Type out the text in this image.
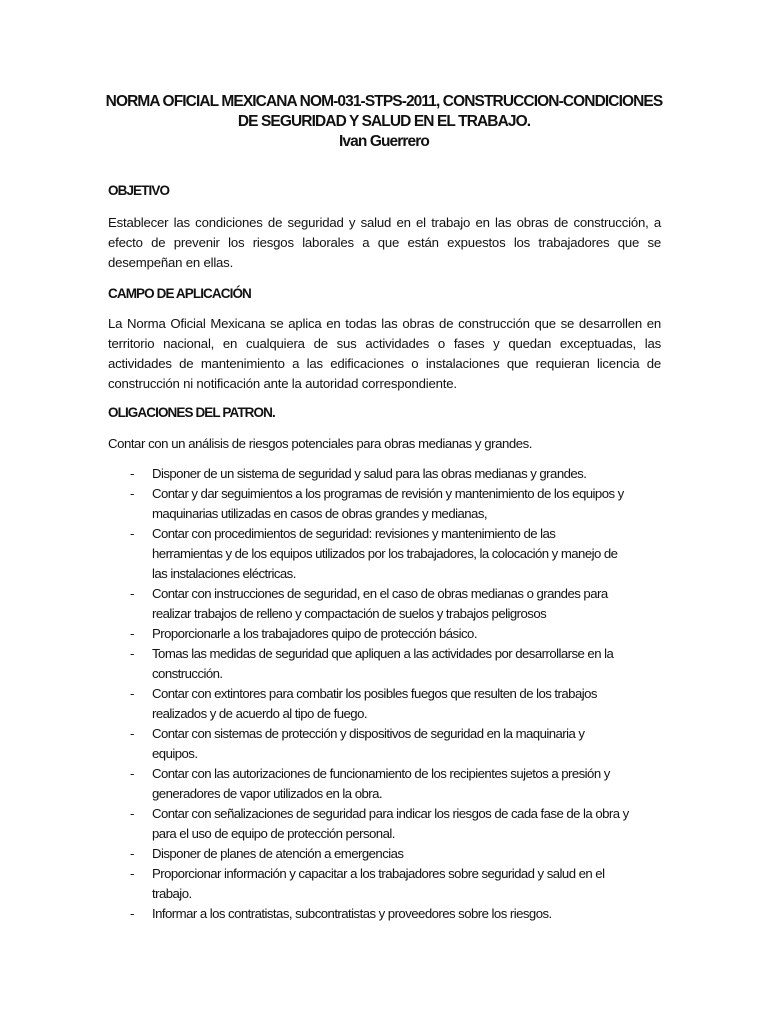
NORMA OFICIAL MEXICANA NOM-031-STPS-2011, CONSTRUCCION-CONDICIONES
DE SEGURIDAD Y SALUD EN EL TRABAJO.
Ivan Guerrero
OBJETIVO
Establecer las condiciones de seguridad y salud en el trabajo en las obras de construcción, a efecto de prevenir los riesgos laborales a que están expuestos los trabajadores que se desempeñan en ellas.
CAMPO DE APLICACIÓN
La Norma Oficial Mexicana se aplica en todas las obras de construcción que se desarrollen en territorio nacional, en cualquiera de sus actividades o fases y quedan exceptuadas, las actividades de mantenimiento a las edificaciones o instalaciones que requieran licencia de construcción ni notificación ante la autoridad correspondiente.
OLIGACIONES DEL PATRON.
Contar con un análisis de riesgos potenciales para obras medianas y grandes.
- Disponer de un sistema de seguridad y salud para las obras medianas y grandes.
- Contar y dar seguimientos a los programas de revisión y mantenimiento de los equipos y
maquinarias utilizadas en casos de obras grandes y medianas,
- Contar con procedimientos de seguridad: revisiones y mantenimiento de las
herramientas y de los equipos utilizados por los trabajadores, la colocación y manejo de
las instalaciones eléctricas.
- Contar con instrucciones de seguridad, en el caso de obras medianas o grandes para
realizar trabajos de relleno y compactación de suelos y trabajos peligrosos
- Proporcionarle a los trabajadores quipo de protección básico.
- Tomas las medidas de seguridad que apliquen a las actividades por desarrollarse en la
construcción.
- Contar con extintores para combatir los posibles fuegos que resulten de los trabajos
realizados y de acuerdo al tipo de fuego.
- Contar con sistemas de protección y dispositivos de seguridad en la maquinaria y
equipos.
- Contar con las autorizaciones de funcionamiento de los recipientes sujetos a presión y
generadores de vapor utilizados en la obra.
- Contar con señalizaciones de seguridad para indicar los riesgos de cada fase de la obra y
para el uso de equipo de protección personal.
- Disponer de planes de atención a emergencias
- Proporcionar información y capacitar a los trabajadores sobre seguridad y salud en el
trabajo.
- Informar a los contratistas, subcontratistas y proveedores sobre los riesgos.
